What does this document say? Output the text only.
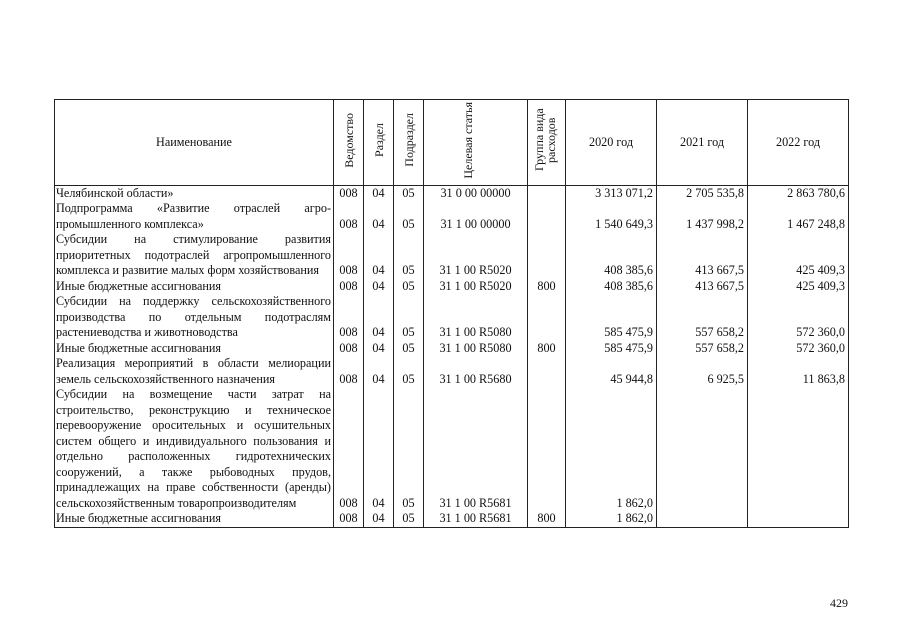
Наименование	Ведомство	Раздел	Подраздел	Целевая статья	Группа вида расходов	2020 год	2021 год	2022 год
Челябинской области»	008	04	05	31 0 00 00000		3 313 071,2	2 705 535,8	2 863 780,6
Подпрограмма «Развитие отраслей агропромышленного комплекса»	008	04	05	31 1 00 00000		1 540 649,3	1 437 998,2	1 467 248,8
Субсидии на стимулирование развития приоритетных подотраслей агропромышленного комплекса и развитие малых форм хозяйствования	008	04	05	31 1 00 R5020		408 385,6	413 667,5	425 409,3
Иные бюджетные ассигнования	008	04	05	31 1 00 R5020	800	408 385,6	413 667,5	425 409,3
Субсидии на поддержку сельскохозяйственного производства по отдельным подотраслям растениеводства и животноводства	008	04	05	31 1 00 R5080		585 475,9	557 658,2	572 360,0
Иные бюджетные ассигнования	008	04	05	31 1 00 R5080	800	585 475,9	557 658,2	572 360,0
Реализация мероприятий в области мелиорации земель сельскохозяйственного назначения	008	04	05	31 1 00 R5680		45 944,8	6 925,5	11 863,8
Субсидии на возмещение части затрат на строительство, реконструкцию и техническое перевооружение оросительных и осушительных систем общего и индивидуального пользования и отдельно расположенных гидротехнических сооружений, а также рыбоводных прудов, принадлежащих на праве собственности (аренды) сельскохозяйственным товаропроизводителям	008	04	05	31 1 00 R5681		1 862,0		
Иные бюджетные ассигнования	008	04	05	31 1 00 R5681	800	1 862,0		
429
